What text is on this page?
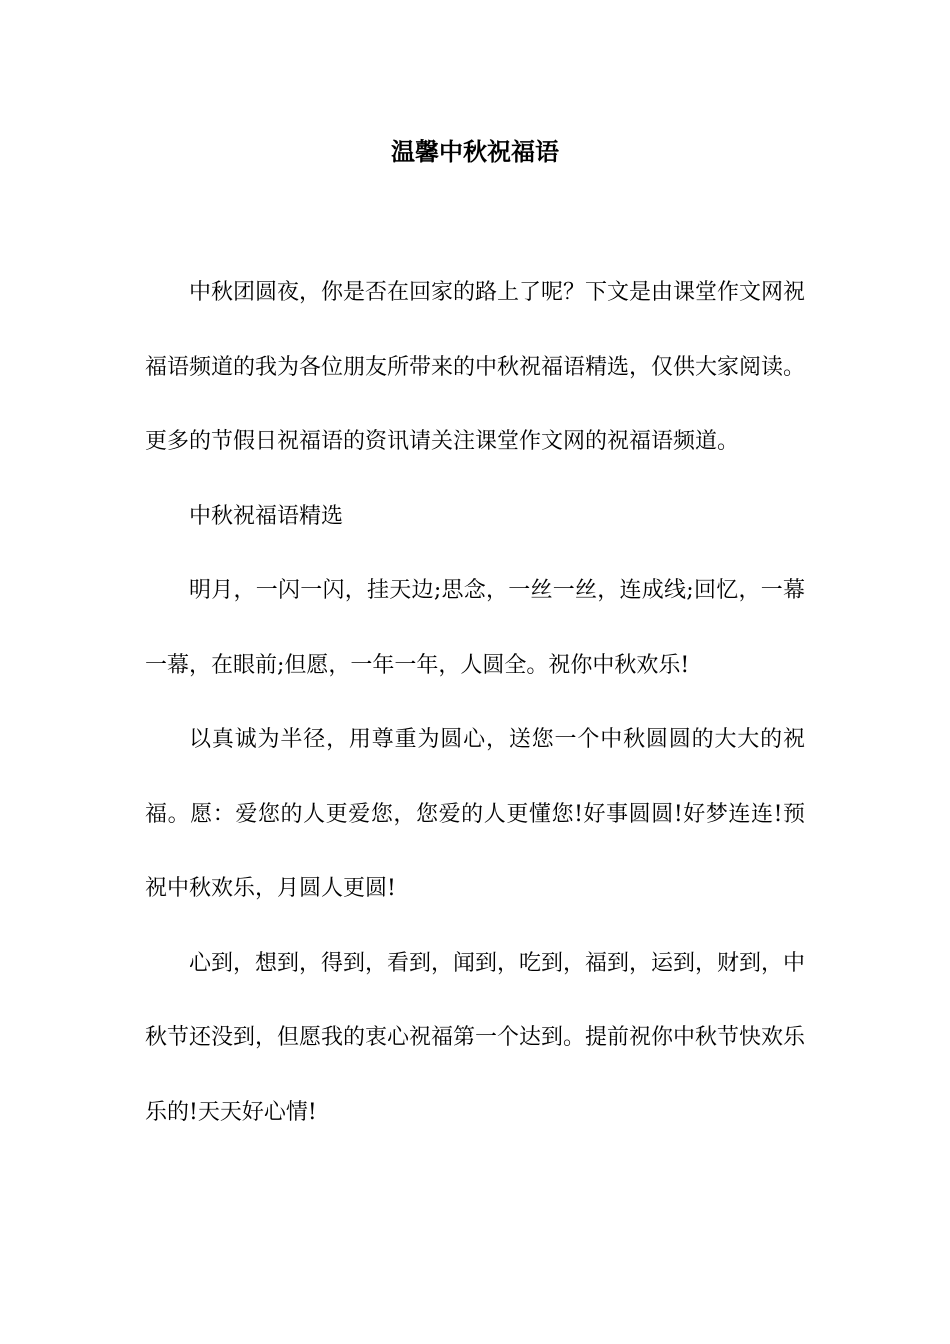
温馨中秋祝福语

中秋团圆夜，你是否在回家的路上了呢？下文是由课堂作文网祝福语频道的我为各位朋友所带来的中秋祝福语精选，仅供大家阅读。更多的节假日祝福语的资讯请关注课堂作文网的祝福语频道。

中秋祝福语精选

明月，一闪一闪，挂天边;思念，一丝一丝，连成线;回忆，一幕一幕，在眼前;但愿，一年一年，人圆全。祝你中秋欢乐!

以真诚为半径，用尊重为圆心，送您一个中秋圆圆的大大的祝福。愿：爱您的人更爱您，您爱的人更懂您!好事圆圆!好梦连连!预祝中秋欢乐，月圆人更圆!

心到，想到，得到，看到，闻到，吃到，福到，运到，财到，中秋节还没到，但愿我的衷心祝福第一个达到。提前祝你中秋节快欢乐乐的!天天好心情!
